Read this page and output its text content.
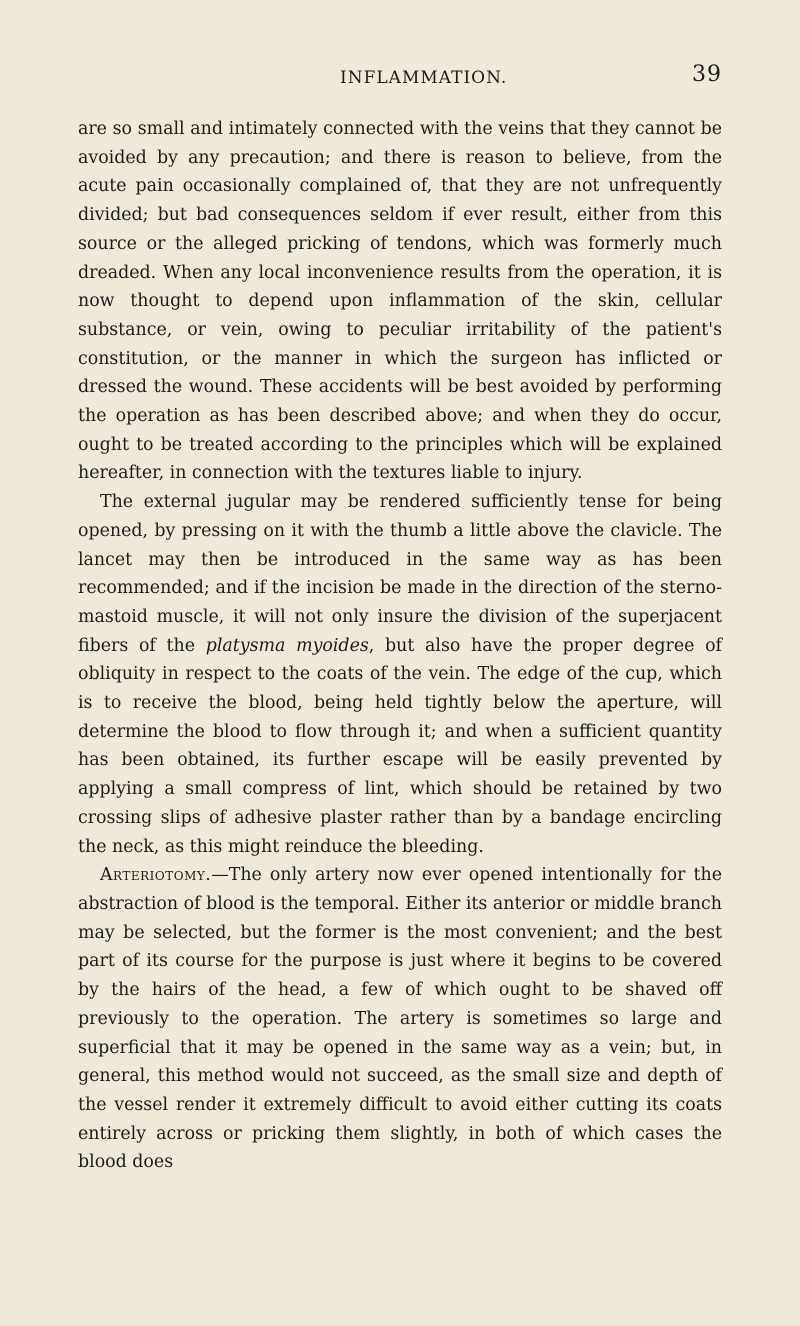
INFLAMMATION.	39

are so small and intimately connected with the veins that they cannot be avoided by any precaution; and there is reason to believe, from the acute pain occasionally complained of, that they are not unfrequently divided; but bad consequences seldom if ever result, either from this source or the alleged pricking of tendons, which was formerly much dreaded. When any local inconvenience results from the operation, it is now thought to depend upon inflammation of the skin, cellular substance, or vein, owing to peculiar irritability of the patient's constitution, or the manner in which the surgeon has inflicted or dressed the wound. These accidents will be best avoided by performing the operation as has been described above; and when they do occur, ought to be treated according to the principles which will be explained hereafter, in connection with the textures liable to injury.

The external jugular may be rendered sufficiently tense for being opened, by pressing on it with the thumb a little above the clavicle. The lancet may then be introduced in the same way as has been recommended; and if the incision be made in the direction of the sterno-mastoid muscle, it will not only insure the division of the superjacent fibers of the platysma myoides, but also have the proper degree of obliquity in respect to the coats of the vein. The edge of the cup, which is to receive the blood, being held tightly below the aperture, will determine the blood to flow through it; and when a sufficient quantity has been obtained, its further escape will be easily prevented by applying a small compress of lint, which should be retained by two crossing slips of adhesive plaster rather than by a bandage encircling the neck, as this might reinduce the bleeding.

Arteriotomy.—The only artery now ever opened intentionally for the abstraction of blood is the temporal. Either its anterior or middle branch may be selected, but the former is the most convenient; and the best part of its course for the purpose is just where it begins to be covered by the hairs of the head, a few of which ought to be shaved off previously to the operation. The artery is sometimes so large and superficial that it may be opened in the same way as a vein; but, in general, this method would not succeed, as the small size and depth of the vessel render it extremely difficult to avoid either cutting its coats entirely across or pricking them slightly, in both of which cases the blood does
